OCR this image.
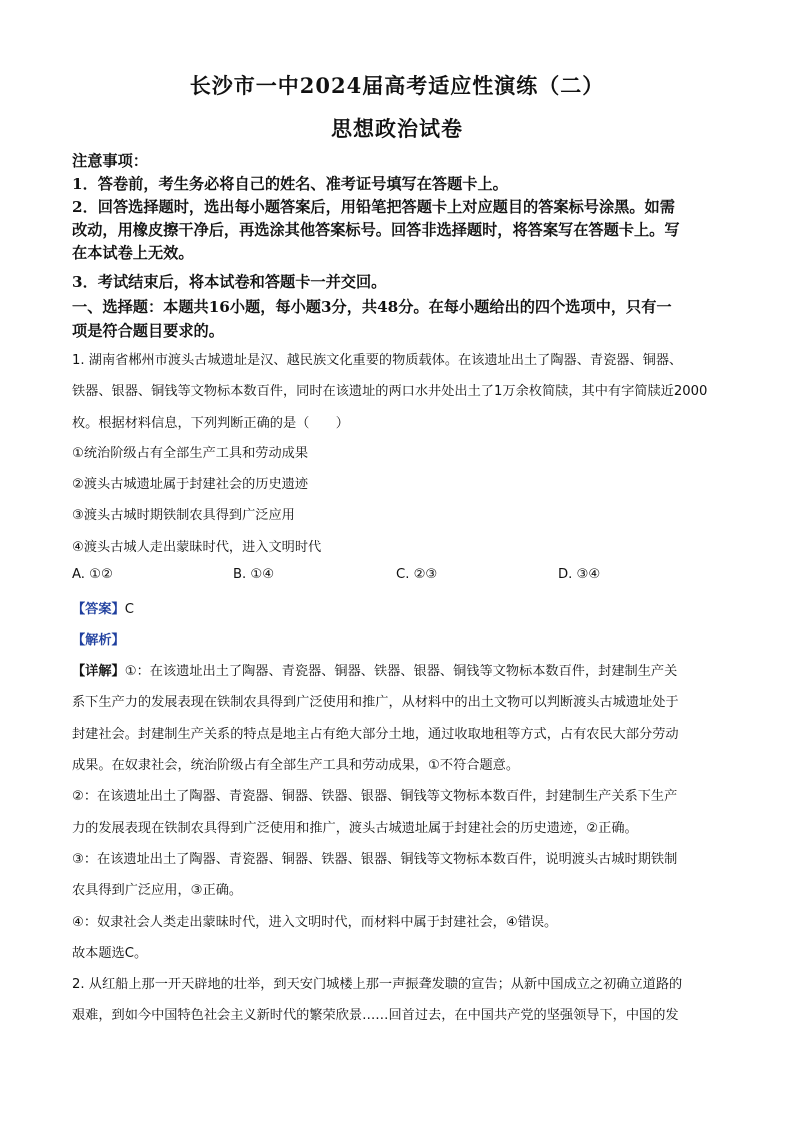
长沙市一中2024届高考适应性演练（二）
思想政治试卷
注意事项：
1．答卷前，考生务必将自己的姓名、准考证号填写在答题卡上。
2．回答选择题时，选出每小题答案后，用铅笔把答题卡上对应题目的答案标号涂黑。如需
改动，用橡皮擦干净后，再选涂其他答案标号。回答非选择题时，将答案写在答题卡上。写
在本试卷上无效。
3．考试结束后，将本试卷和答题卡一并交回。
一、选择题：本题共16小题，每小题3分，共48分。在每小题给出的四个选项中，只有一
项是符合题目要求的。
1. 湖南省郴州市渡头古城遗址是汉、越民族文化重要的物质载体。在该遗址出土了陶器、青瓷器、铜器、
铁器、银器、铜钱等文物标本数百件，同时在该遗址的两口水井处出土了1万余枚简牍，其中有字简牍近2000
枚。根据材料信息，下列判断正确的是（　　）
①统治阶级占有全部生产工具和劳动成果
②渡头古城遗址属于封建社会的历史遗迹
③渡头古城时期铁制农具得到广泛应用
④渡头古城人走出蒙昧时代，进入文明时代
A. ①②	B. ①④	C. ②③	D. ③④
【答案】C
【解析】
【详解】①：在该遗址出土了陶器、青瓷器、铜器、铁器、银器、铜钱等文物标本数百件，封建制生产关
系下生产力的发展表现在铁制农具得到广泛使用和推广，从材料中的出土文物可以判断渡头古城遗址处于
封建社会。封建制生产关系的特点是地主占有绝大部分土地，通过收取地租等方式，占有农民大部分劳动
成果。在奴隶社会，统治阶级占有全部生产工具和劳动成果，①不符合题意。
②：在该遗址出土了陶器、青瓷器、铜器、铁器、银器、铜钱等文物标本数百件，封建制生产关系下生产
力的发展表现在铁制农具得到广泛使用和推广，渡头古城遗址属于封建社会的历史遗迹，②正确。
③：在该遗址出土了陶器、青瓷器、铜器、铁器、银器、铜钱等文物标本数百件，说明渡头古城时期铁制
农具得到广泛应用，③正确。
④：奴隶社会人类走出蒙昧时代，进入文明时代，而材料中属于封建社会，④错误。
故本题选C。
2. 从红船上那一开天辟地的壮举，到天安门城楼上那一声振聋发聩的宣告；从新中国成立之初确立道路的
艰难，到如今中国特色社会主义新时代的繁荣欣景……回首过去，在中国共产党的坚强领导下，中国的发
